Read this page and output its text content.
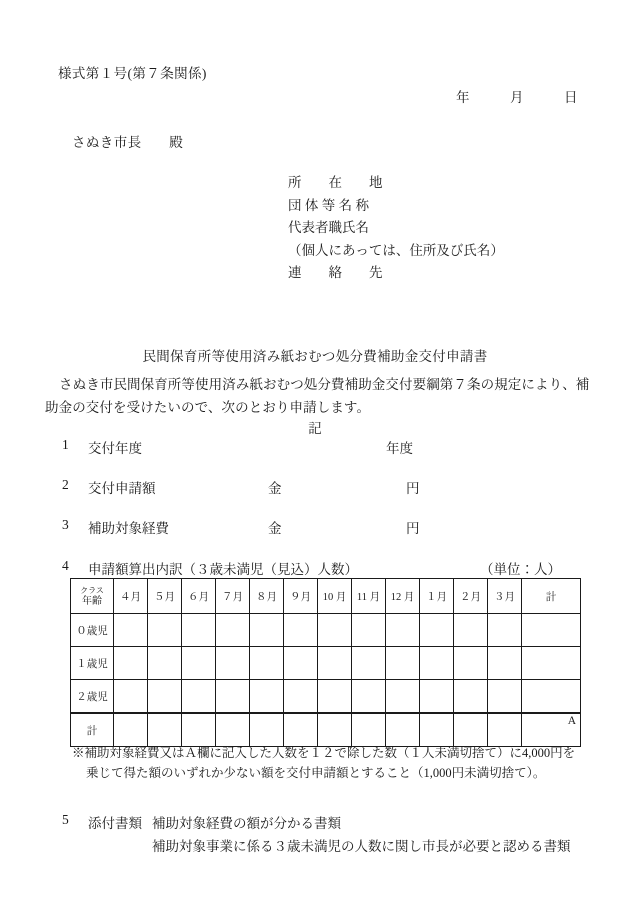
様式第１号(第７条関係)
年　　　月　　　日
さぬき市長　　殿
所　　在　　地
団 体 等 名 称
代表者職氏名
（個人にあっては、住所及び氏名）
連　　絡　　先
民間保育所等使用済み紙おむつ処分費補助金交付申請書
さぬき市民間保育所等使用済み紙おむつ処分費補助金交付要綱第７条の規定により、補助金の交付を受けたいので、次のとおり申請します。
記
1 交付年度	年度
2 交付申請額	金	円
3 補助対象経費	金	円
4 申請額算出内訳（３歳未満児（見込）人数）	（単位：人）
クラス
年齢	４月	５月	６月	７月	８月	９月	10 月	11 月	12 月	１月	２月	３月	計
０歳児													
１歳児													
２歳児													
計													A
※補助対象経費又はＡ欄に記入した人数を１２で除した数（１人未満切捨て）に4,000円を
乗じて得た額のいずれか少ない額を交付申請額とすること（1,000円未満切捨て）。
5 添付書類 補助対象経費の額が分かる書類
補助対象事業に係る３歳未満児の人数に関し市長が必要と認める書類
